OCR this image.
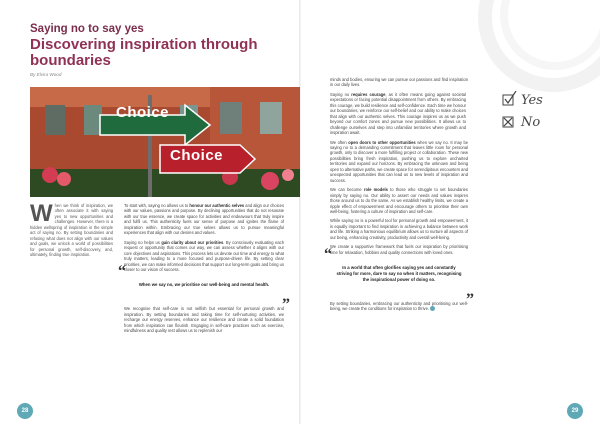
Saying no to say yes
Discovering inspiration through boundaries
By Elvira Wood
Choice
Choice
When we think of inspiration, we often associate it with saying yes to new opportunities and challenges. However, there is a hidden wellspring of inspiration in the simple act of saying no. By setting boundaries and refusing what does not align with our values and goals, we unlock a world of possibilities for personal growth, self-discovery, and, ultimately, finding true inspiration.

To start with, saying no allows us to honour our authentic selves and align our choices with our values, passions and purpose. By declining opportunities that do not resonate with our true essence, we create space for activities and endeavours that truly inspire and fulfil us. This authenticity fuels our sense of purpose and ignites the flame of inspiration within. Embracing our true selves allows us to pursue meaningful experiences that align with our desires and values.

Saying no helps us gain clarity about our priorities. By consciously evaluating each request or opportunity that comes our way, we can assess whether it aligns with our core objectives and aspirations. This process lets us devote our time and energy to what truly matters, leading to a more focused and purpose-driven life. By setting clear priorities, we can make informed decisions that support our long-term goals and bring us closer to our vision of success.

“
When we say no, we prioritise our well-being and mental health.
”

We recognise that self-care is not selfish but essential for personal growth and inspiration. By setting boundaries and taking time for self-nurturing activities, we recharge our energy reserves, enhance our resilience and create a solid foundation from which inspiration can flourish. Engaging in self-care practices such as exercise, mindfulness and quality rest allows us to replenish our

Yes
No

minds and bodies, ensuring we can pursue our passions and find inspiration in our daily lives.

Saying no requires courage, as it often means going against societal expectations or facing potential disappointment from others. By embracing this courage, we build resilience and self-confidence. Each time we honour our boundaries, we reinforce our self-belief and our ability to make choices that align with our authentic selves. This courage inspires us as we push beyond our comfort zones and pursue new possibilities. It allows us to challenge ourselves and step into unfamiliar territories where growth and inspiration await.

We often open doors to other opportunities when we say no. It may be saying no to a demanding commitment that leaves little room for personal growth, only to discover a more fulfilling project or collaboration. These new possibilities bring fresh inspiration, pushing us to explore uncharted territories and expand our horizons. By embracing the unknown and being open to alternative paths, we create space for serendipitous encounters and unexpected opportunities that can lead us to new levels of inspiration and success.

We can become role models to those who struggle to set boundaries simply by saying no. Our ability to assert our needs and values inspires those around us to do the same. As we establish healthy limits, we create a ripple effect of empowerment and encourage others to prioritise their own well-being, fostering a culture of inspiration and self-care.

While saying no is a powerful tool for personal growth and empowerment, it is equally important to find inspiration in achieving a balance between work and life. Striking a harmonious equilibrium allows us to nurture all aspects of our being, enhancing creativity, productivity and overall well-being.

We create a supportive framework that fuels our inspiration by prioritising time for relaxation, hobbies and quality connections with loved ones.

“
In a world that often glorifies saying yes and constantly striving for more, dare to say no when it matters, recognising the inspirational power of doing so.
”

By setting boundaries, embracing our authenticity and prioritising our well-being, we create the conditions for inspiration to thrive.

28	29
